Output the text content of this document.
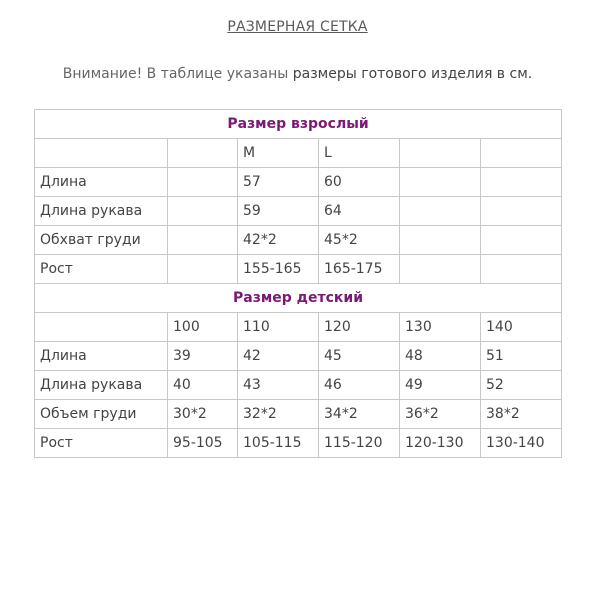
РАЗМЕРНАЯ СЕТКА
Внимание! В таблице указаны размеры готового изделия в см.
Размер взрослый					
		M	L		
Длина		57	60		
Длина рукава		59	64		
Обхват груди		42*2	45*2		
Рост		155-165	165-175		
Размер детский					
	100	110	120	130	140
Длина	39	42	45	48	51
Длина рукава	40	43	46	49	52
Объем груди	30*2	32*2	34*2	36*2	38*2
Рост	95-105	105-115	115-120	120-130	130-140
